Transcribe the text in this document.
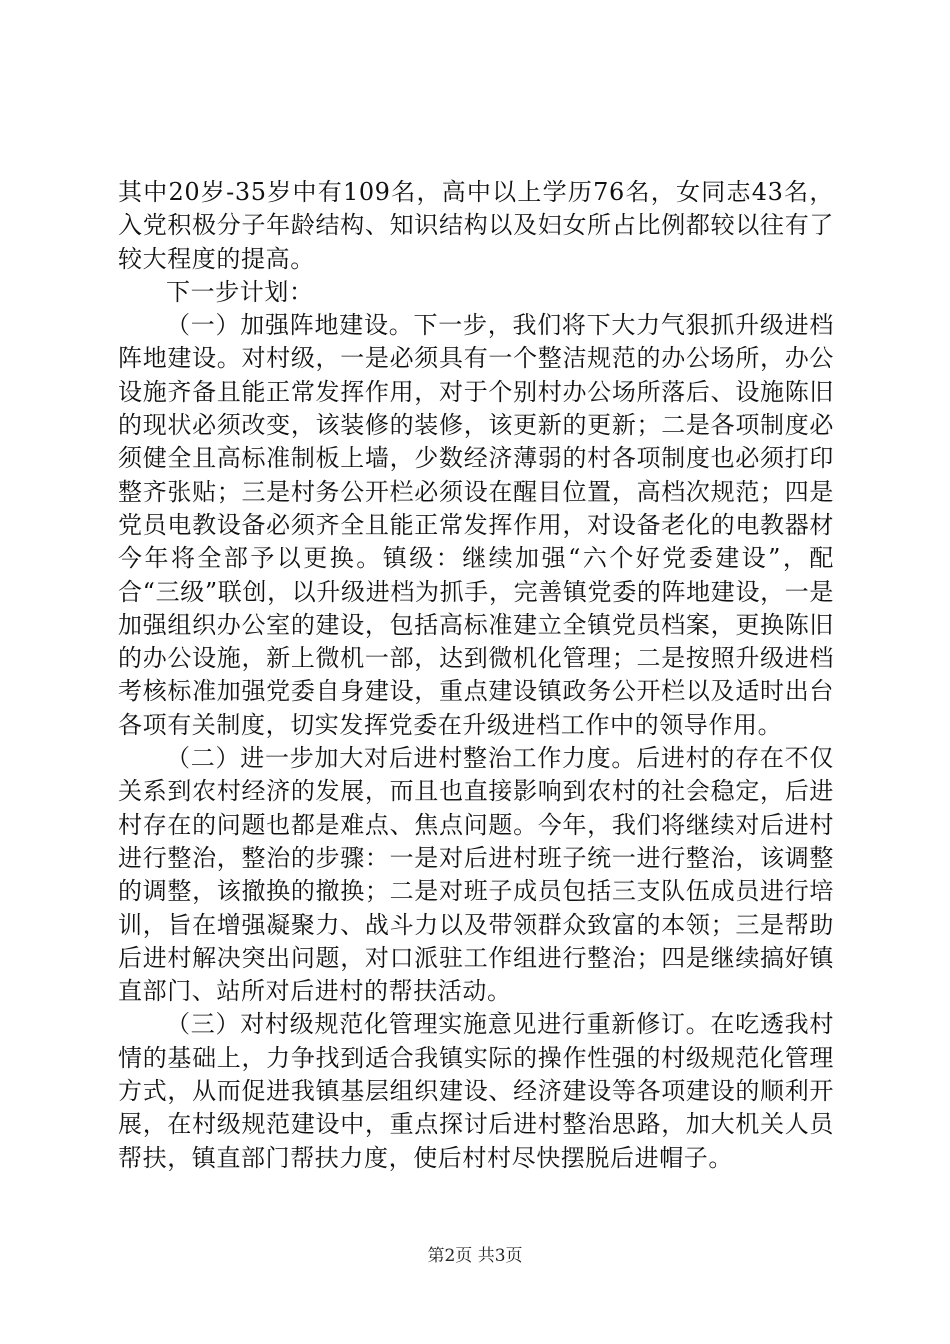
其中20岁-35岁中有109名，高中以上学历76名，女同志43名，入党积极分子年龄结构、知识结构以及妇女所占比例都较以往有了较大程度的提高。

下一步计划：

（一）加强阵地建设。下一步，我们将下大力气狠抓升级进档阵地建设。对村级，一是必须具有一个整洁规范的办公场所，办公设施齐备且能正常发挥作用，对于个别村办公场所落后、设施陈旧的现状必须改变，该装修的装修，该更新的更新；二是各项制度必须健全且高标准制板上墙，少数经济薄弱的村各项制度也必须打印整齐张贴；三是村务公开栏必须设在醒目位置，高档次规范；四是党员电教设备必须齐全且能正常发挥作用，对设备老化的电教器材今年将全部予以更换。镇级：继续加强“六个好党委建设”，配合“三级”联创，以升级进档为抓手，完善镇党委的阵地建设，一是加强组织办公室的建设，包括高标准建立全镇党员档案，更换陈旧的办公设施，新上微机一部，达到微机化管理；二是按照升级进档考核标准加强党委自身建设，重点建设镇政务公开栏以及适时出台各项有关制度，切实发挥党委在升级进档工作中的领导作用。

（二）进一步加大对后进村整治工作力度。后进村的存在不仅关系到农村经济的发展，而且也直接影响到农村的社会稳定，后进村存在的问题也都是难点、焦点问题。今年，我们将继续对后进村进行整治，整治的步骤：一是对后进村班子统一进行整治，该调整的调整，该撤换的撤换；二是对班子成员包括三支队伍成员进行培训，旨在增强凝聚力、战斗力以及带领群众致富的本领；三是帮助后进村解决突出问题，对口派驻工作组进行整治；四是继续搞好镇直部门、站所对后进村的帮扶活动。

（三）对村级规范化管理实施意见进行重新修订。在吃透我村情的基础上，力争找到适合我镇实际的操作性强的村级规范化管理方式，从而促进我镇基层组织建设、经济建设等各项建设的顺利开展，在村级规范建设中，重点探讨后进村整治思路，加大机关人员帮扶，镇直部门帮扶力度，使后村村尽快摆脱后进帽子。

第2页 共3页
